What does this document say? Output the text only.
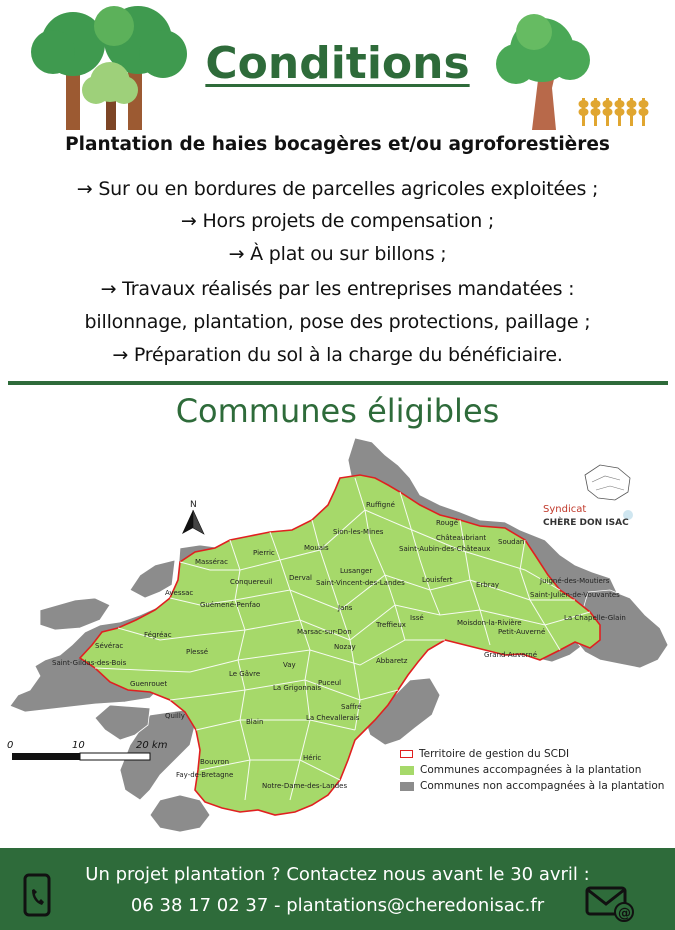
Conditions
Plantation de haies bocagères et/ou agroforestières
→ Sur ou en bordures de parcelles agricoles exploitées ;
→ Hors projets de compensation ;
→ À plat ou sur billons ;
→ Travaux réalisés par les entreprises mandatées :
billonnage, plantation, pose des protections, paillage ;
→ Préparation du sol à la charge du bénéficiaire.
Communes éligibles
N	Syndicat
CHÈRE DON ISAC
Ruffigné
Rougé
Sion-les-Mines
Châteaubriant Soudan
Saint-Aubin-des-Châteaux
Pierric
Mouais
Lusanger
Massérac
Conquereuil Derval
Saint-Vincent-des-Landes Louisfert
Erbray	Juigné-des-Moutiers
Saint-Julien-de-Vouvantes
Avessac
Guémené-Penfao	Jans
La Chapelle-Glain
Treffieux
Issé
Moisdon-la-Rivière
Petit-Auverné
Sévérac
Fégréac
Plessé
Marsac-sur-Don
Nozay
Grand-Auverné
Saint-Gildas-des-Bois
Le Gâvre
Vay	Abbaretz
Guenrouet	La Grigonnais
Puceul
Saffré
Quilly
Blain	La Chevallerais
Bouvron
Fay-de-Bretagne
Héric
Notre-Dame-des-Landes
0	10	20 km
Territoire de gestion du SCDI
Communes accompagnées à la plantation
Communes non accompagnées à la plantation
Un projet plantation ? Contactez nous avant le 30 avril :
06 38 17 02 37 - plantations@cheredonisac.fr	@
